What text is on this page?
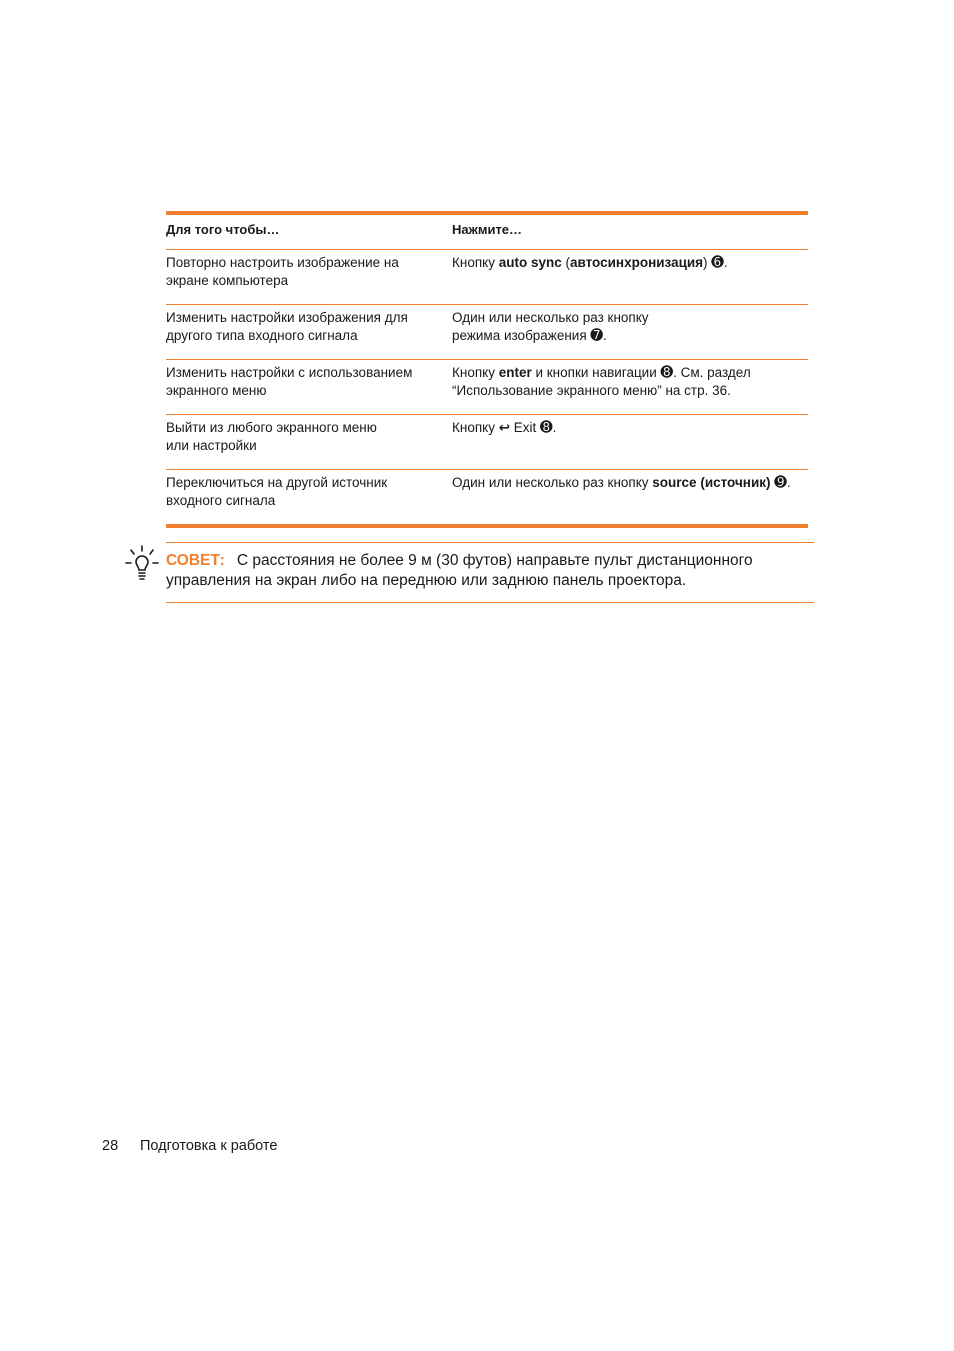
Для того чтобы…	Нажмите…
Повторно настроить изображение на экране компьютера
Кнопку auto sync (автосинхронизация) ➏.
Изменить настройки изображения для другого типа входного сигнала
Один или несколько раз кнопку
режима изображения ➐.
Изменить настройки с использованием экранного меню
Кнопку enter и кнопки навигации ➑. См. раздел “Использование экранного меню” на стр. 36.
Выйти из любого экранного меню
или настройки
Кнопку ↩ Exit ➑.
Переключиться на другой источник входного сигнала
Один или несколько раз кнопку source (источник) ➒.
СОВЕТ: С расстояния не более 9 м (30 футов) направьте пульт дистанционного управления на экран либо на переднюю или заднюю панель проектора.
28 Подготовка к работе
